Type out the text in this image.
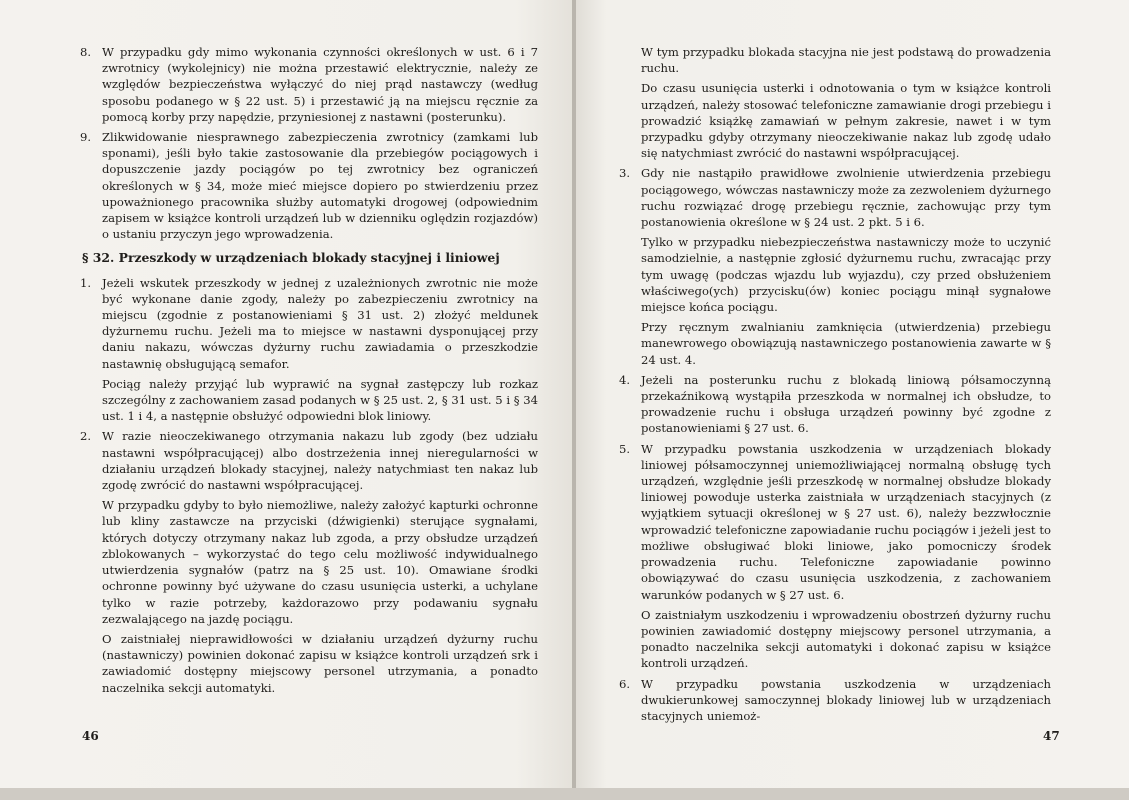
8. W przypadku gdy mimo wykonania czynności określonych w ust. 6 i 7 zwrotnicy (wykolejnicy) nie można przestawić elektrycznie, należy ze względów bezpieczeństwa wyłączyć do niej prąd nastawczy (według sposobu podanego w § 22 ust. 5) i przestawić ją na miejscu ręcznie za pomocą korby przy napędzie, przyniesionej z nastawni (posterunku).

9. Zlikwidowanie niesprawnego zabezpieczenia zwrotnicy (zamkami lub sponami), jeśli było takie zastosowanie dla przebiegów pociągowych i dopuszczenie jazdy pociągów po tej zwrotnicy bez ograniczeń określonych w § 34, może mieć miejsce dopiero po stwierdzeniu przez upoważnionego pracownika służby automatyki drogowej (odpowiednim zapisem w książce kontroli urządzeń lub w dzienniku oględzin rozjazdów) o ustaniu przyczyn jego wprowadzenia.

§ 32. Przeszkody w urządzeniach blokady stacyjnej i liniowej
1. Jeżeli wskutek przeszkody w jednej z uzależnionych zwrotnic nie może być wykonane danie zgody, należy po zabezpieczeniu zwrotnicy na miejscu (zgodnie z postanowieniami § 31 ust. 2) złożyć meldunek dyżurnemu ruchu. Jeżeli ma to miejsce w nastawni dysponującej przy daniu nakazu, wówczas dyżurny ruchu zawiadamia o przeszkodzie nastawnię obsługującą semafor.

Pociąg należy przyjąć lub wyprawić na sygnał zastępczy lub rozkaz szczególny z zachowaniem zasad podanych w § 25 ust. 2, § 31 ust. 5 i § 34 ust. 1 i 4, a następnie obsłużyć odpowiedni blok liniowy.

2. W razie nieoczekiwanego otrzymania nakazu lub zgody (bez udziału nastawni współpracującej) albo dostrzeżenia innej nieregularności w działaniu urządzeń blokady stacyjnej, należy natychmiast ten nakaz lub zgodę zwrócić do nastawni współpracującej.

W przypadku gdyby to było niemożliwe, należy założyć kapturki ochronne lub kliny zastawcze na przyciski (dźwigienki) sterujące sygnałami, których dotyczy otrzymany nakaz lub zgoda, a przy obsłudze urządzeń zblokowanych – wykorzystać do tego celu możliwość indywidualnego utwierdzenia sygnałów (patrz na § 25 ust. 10). Omawiane środki ochronne powinny być używane do czasu usunięcia usterki, a uchylane tylko w razie potrzeby, każdorazowo przy podawaniu sygnału zezwalającego na jazdę pociągu.

O zaistniałej nieprawidłowości w działaniu urządzeń dyżurny ruchu (nastawniczy) powinien dokonać zapisu w książce kontroli urządzeń srk i zawiadomić dostępny miejscowy personel utrzymania, a ponadto naczelnika sekcji automatyki.

46

W tym przypadku blokada stacyjna nie jest podstawą do prowadzenia ruchu.

Do czasu usunięcia usterki i odnotowania o tym w książce kontroli urządzeń, należy stosować telefoniczne zamawianie drogi przebiegu i prowadzić książkę zamawiań w pełnym zakresie, nawet i w tym przypadku gdyby otrzymany nieoczekiwanie nakaz lub zgodę udało się natychmiast zwrócić do nastawni współpracującej.

3. Gdy nie nastąpiło prawidłowe zwolnienie utwierdzenia przebiegu pociągowego, wówczas nastawniczy może za zezwoleniem dyżurnego ruchu rozwiązać drogę przebiegu ręcznie, zachowując przy tym postanowienia określone w § 24 ust. 2 pkt. 5 i 6.

Tylko w przypadku niebezpieczeństwa nastawniczy może to uczynić samodzielnie, a następnie zgłosić dyżurnemu ruchu, zwracając przy tym uwagę (podczas wjazdu lub wyjazdu), czy przed obsłużeniem właściwego(ych) przycisku(ów) koniec pociągu minął sygnałowe miejsce końca pociągu.

Przy ręcznym zwalnianiu zamknięcia (utwierdzenia) przebiegu manewrowego obowiązują nastawniczego postanowienia zawarte w § 24 ust. 4.

4. Jeżeli na posterunku ruchu z blokadą liniową półsamoczynną przekaźnikową wystąpiła przeszkoda w normalnej ich obsłudze, to prowadzenie ruchu i obsługa urządzeń powinny być zgodne z postanowieniami § 27 ust. 6.

5. W przypadku powstania uszkodzenia w urządzeniach blokady liniowej półsamoczynnej uniemożliwiającej normalną obsługę tych urządzeń, względnie jeśli przeszkodę w normalnej obsłudze blokady liniowej powoduje usterka zaistniała w urządzeniach stacyjnych (z wyjątkiem sytuacji określonej w § 27 ust. 6), należy bezzwłocznie wprowadzić telefoniczne zapowiadanie ruchu pociągów i jeżeli jest to możliwe obsługiwać bloki liniowe, jako pomocniczy środek prowadzenia ruchu. Telefoniczne zapowiadanie powinno obowiązywać do czasu usunięcia uszkodzenia, z zachowaniem warunków podanych w § 27 ust. 6.

O zaistniałym uszkodzeniu i wprowadzeniu obostrzeń dyżurny ruchu powinien zawiadomić dostępny miejscowy personel utrzymania, a ponadto naczelnika sekcji automatyki i dokonać zapisu w książce kontroli urządzeń.

6. W przypadku powstania uszkodzenia w urządzeniach dwukierunkowej samoczynnej blokady liniowej lub w urządzeniach stacyjnych uniemoż-

47
